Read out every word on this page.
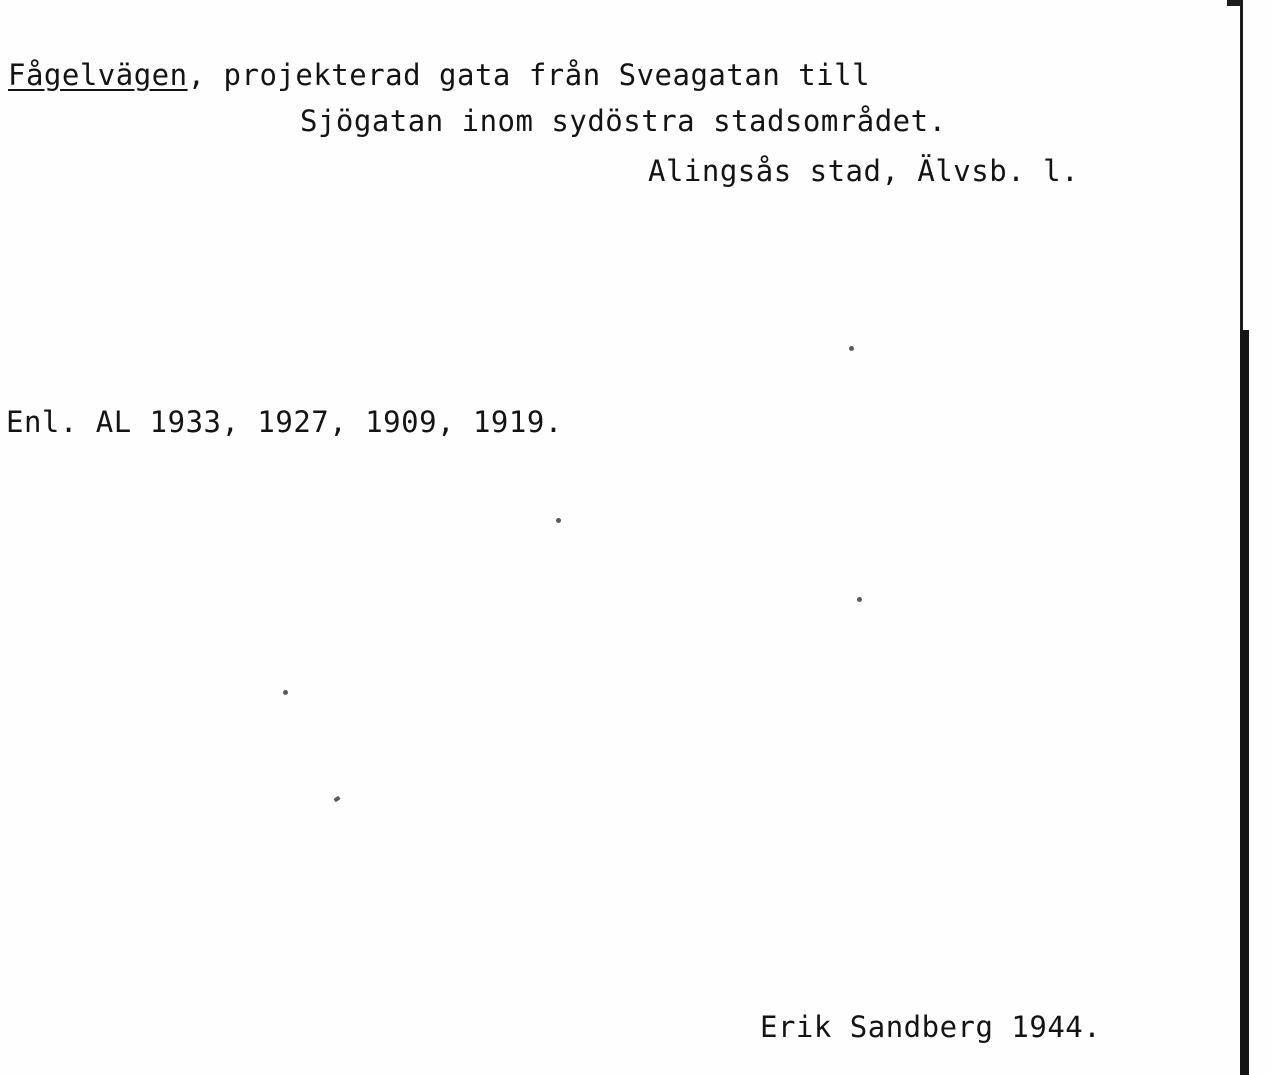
Fågelvägen, projekterad gata från Sveagatan till
Sjögatan inom sydöstra stadsområdet.
Alingsås stad, Älvsb. l.
Enl. AL 1933, 1927, 1909, 1919.
Erik Sandberg 1944.
